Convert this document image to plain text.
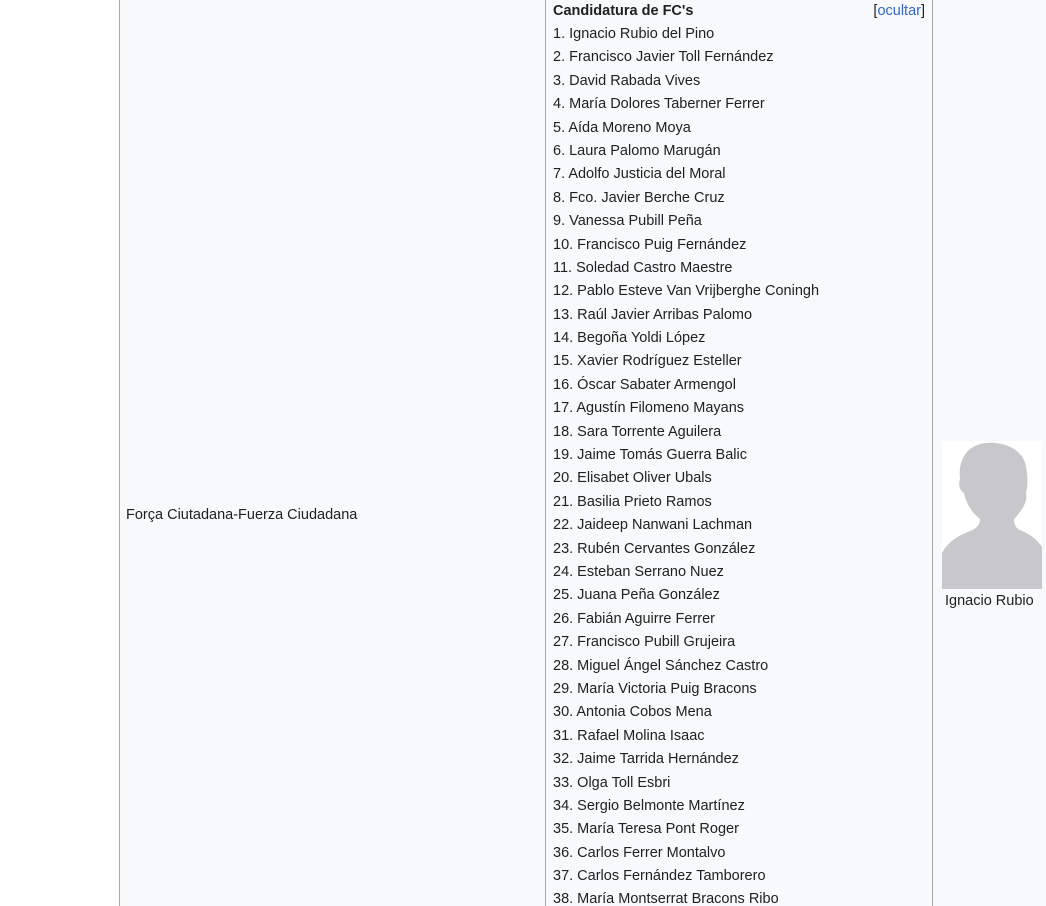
Força Ciutadana-Fuerza Ciudadana
Candidatura de FC's	[ocultar]
1. Ignacio Rubio del Pino
2. Francisco Javier Toll Fernández
3. David Rabada Vives
4. María Dolores Taberner Ferrer
5. Aída Moreno Moya
6. Laura Palomo Marugán
7. Adolfo Justicia del Moral
8. Fco. Javier Berche Cruz
9. Vanessa Pubill Peña
10. Francisco Puig Fernández
11. Soledad Castro Maestre
12. Pablo Esteve Van Vrijberghe Coningh
13. Raúl Javier Arribas Palomo
14. Begoña Yoldi López
15. Xavier Rodríguez Esteller
16. Óscar Sabater Armengol
17. Agustín Filomeno Mayans
18. Sara Torrente Aguilera
19. Jaime Tomás Guerra Balic
20. Elisabet Oliver Ubals
21. Basilia Prieto Ramos
22. Jaideep Nanwani Lachman
23. Rubén Cervantes González
24. Esteban Serrano Nuez
25. Juana Peña González
26. Fabián Aguirre Ferrer
27. Francisco Pubill Grujeira
28. Miguel Ángel Sánchez Castro
29. María Victoria Puig Bracons
30. Antonia Cobos Mena
31. Rafael Molina Isaac
32. Jaime Tarrida Hernández
33. Olga Toll Esbri
34. Sergio Belmonte Martínez
35. María Teresa Pont Roger
36. Carlos Ferrer Montalvo
37. Carlos Fernández Tamborero
38. María Montserrat Bracons Ribo
Ignacio Rubio
